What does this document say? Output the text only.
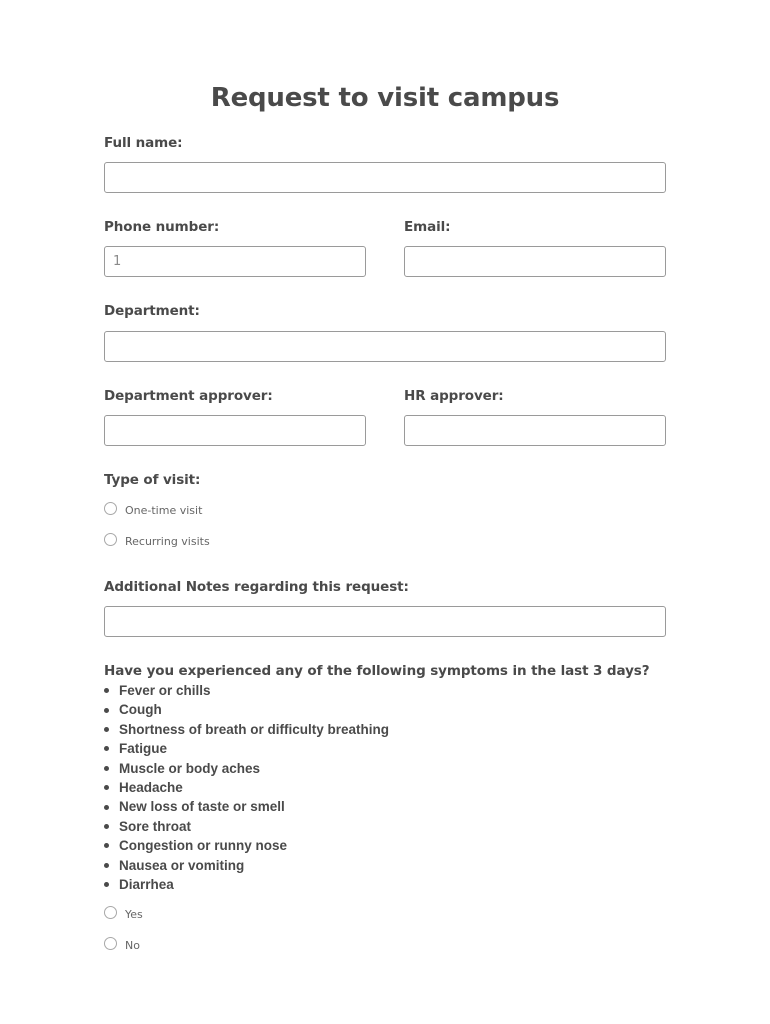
Request to visit campus
Full name:
Phone number:
1	Email:
Department:
Department approver:	HR approver:
Type of visit:
One-time visit
Recurring visits
Additional Notes regarding this request:
Have you experienced any of the following symptoms in the last 3 days?
Fever or chills
Cough
Shortness of breath or difficulty breathing
Fatigue
Muscle or body aches
Headache
New loss of taste or smell
Sore throat
Congestion or runny nose
Nausea or vomiting
Diarrhea
Yes
No
